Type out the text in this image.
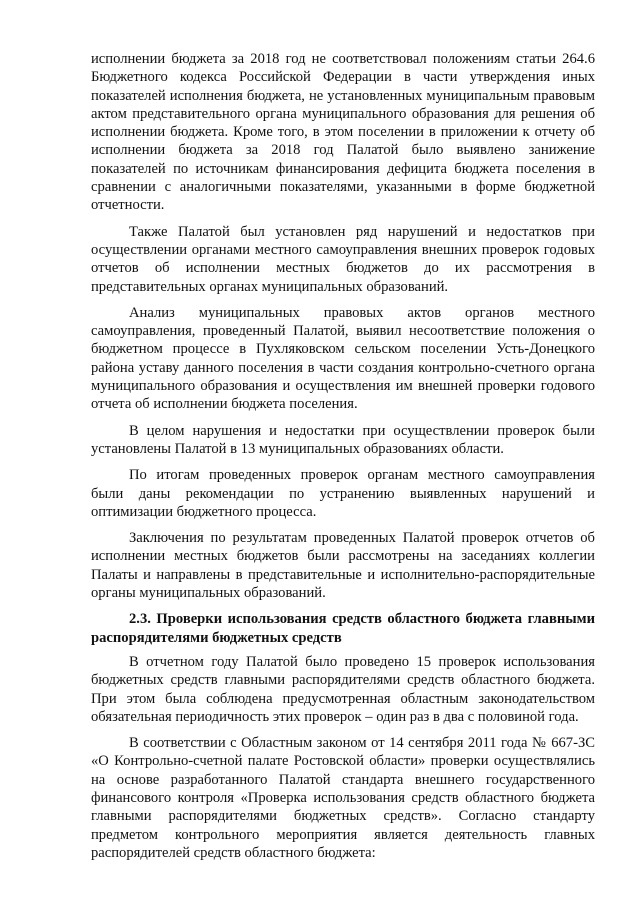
исполнении бюджета за 2018 год не соответствовал положениям статьи 264.6 Бюджетного кодекса Российской Федерации в части утверждения иных показателей исполнения бюджета, не установленных муниципальным правовым актом представительного органа муниципального образования для решения об исполнении бюджета. Кроме того, в этом поселении в приложении к отчету об исполнении бюджета за 2018 год Палатой было выявлено занижение показателей по источникам финансирования дефицита бюджета поселения в сравнении с аналогичными показателями, указанными в форме бюджетной отчетности.

Также Палатой был установлен ряд нарушений и недостатков при осуществлении органами местного самоуправления внешних проверок годовых отчетов об исполнении местных бюджетов до их рассмотрения в представительных органах муниципальных образований.

Анализ муниципальных правовых актов органов местного самоуправления, проведенный Палатой, выявил несоответствие положения о бюджетном процессе в Пухляковском сельском поселении Усть-Донецкого района уставу данного поселения в части создания контрольно-счетного органа муниципального образования и осуществления им внешней проверки годового отчета об исполнении бюджета поселения.

В целом нарушения и недостатки при осуществлении проверок были установлены Палатой в 13 муниципальных образованиях области.

По итогам проведенных проверок органам местного самоуправления были даны рекомендации по устранению выявленных нарушений и оптимизации бюджетного процесса.

Заключения по результатам проведенных Палатой проверок отчетов об исполнении местных бюджетов были рассмотрены на заседаниях коллегии Палаты и направлены в представительные и исполнительно-распорядительные органы муниципальных образований.

2.3. Проверки использования средств областного бюджета главными распорядителями бюджетных средств

В отчетном году Палатой было проведено 15 проверок использования бюджетных средств главными распорядителями средств областного бюджета. При этом была соблюдена предусмотренная областным законодательством обязательная периодичность этих проверок – один раз в два с половиной года.

В соответствии с Областным законом от 14 сентября 2011 года № 667-ЗС «О Контрольно-счетной палате Ростовской области» проверки осуществлялись на основе разработанного Палатой стандарта внешнего государственного финансового контроля «Проверка использования средств областного бюджета главными распорядителями бюджетных средств». Согласно стандарту предметом контрольного мероприятия является деятельность главных распорядителей средств областного бюджета:
